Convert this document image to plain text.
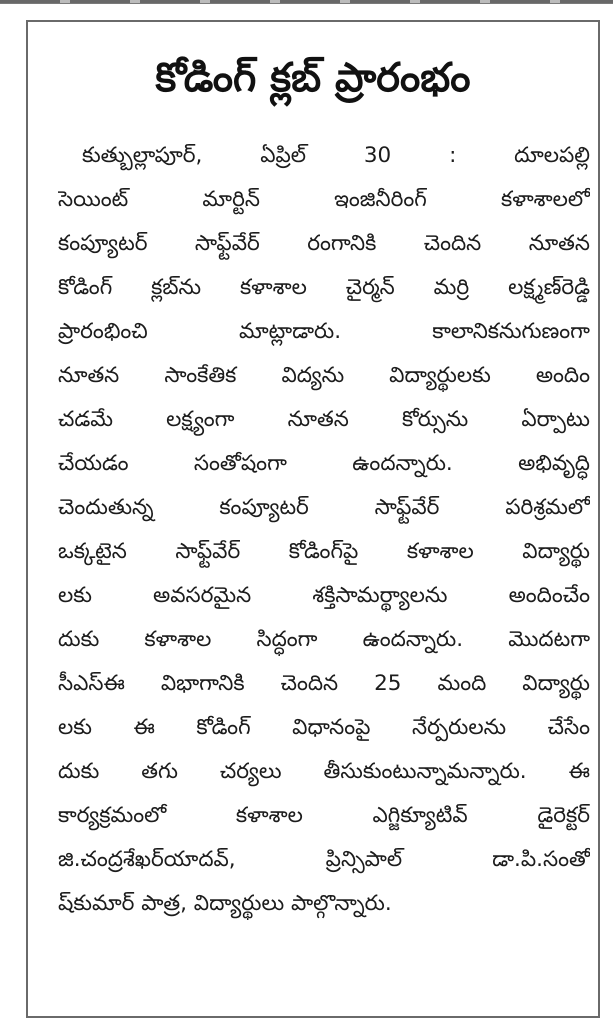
కోడింగ్ క్లబ్ ప్రారంభం
కుత్బుల్లాపూర్, ఏప్రిల్ 30 : దూలపల్లి
సెయింట్ మార్టిన్ ఇంజినీరింగ్ కళాశాలలో
కంప్యూటర్ సాఫ్ట్‌వేర్ రంగానికి చెందిన నూతన
కోడింగ్ క్లబ్‌ను కళాశాల చైర్మన్ మర్రి లక్ష్మణ్‌రెడ్డి
ప్రారంభించి మాట్లాడారు. కాలానికనుగుణంగా
నూతన సాంకేతిక విద్యను విద్యార్థులకు అందిం
చడమే లక్ష్యంగా నూతన కోర్సును ఏర్పాటు
చేయడం సంతోషంగా ఉందన్నారు. అభివృద్ధి
చెందుతున్న కంప్యూటర్ సాఫ్ట్‌వేర్ పరిశ్రమలో
ఒక్కటైన సాఫ్ట్‌వేర్ కోడింగ్‌పై కళాశాల విద్యార్థు
లకు అవసరమైన శక్తిసామర్థ్యాలను అందించేం
దుకు కళాశాల సిద్ధంగా ఉందన్నారు. మొదటగా
సీఎస్ఈ విభాగానికి చెందిన 25 మంది విద్యార్థు
లకు ఈ కోడింగ్ విధానంపై నేర్పరులను చేసేం
దుకు తగు చర్యలు తీసుకుంటున్నామన్నారు. ఈ
కార్యక్రమంలో కళాశాల ఎగ్జిక్యూటివ్ డైరెక్టర్
జి.చంద్రశేఖర్‌యాదవ్, ప్రిన్సిపాల్ డా.పి.సంతో
ష్‌కుమార్ పాత్ర, విద్యార్థులు పాల్గొన్నారు.
